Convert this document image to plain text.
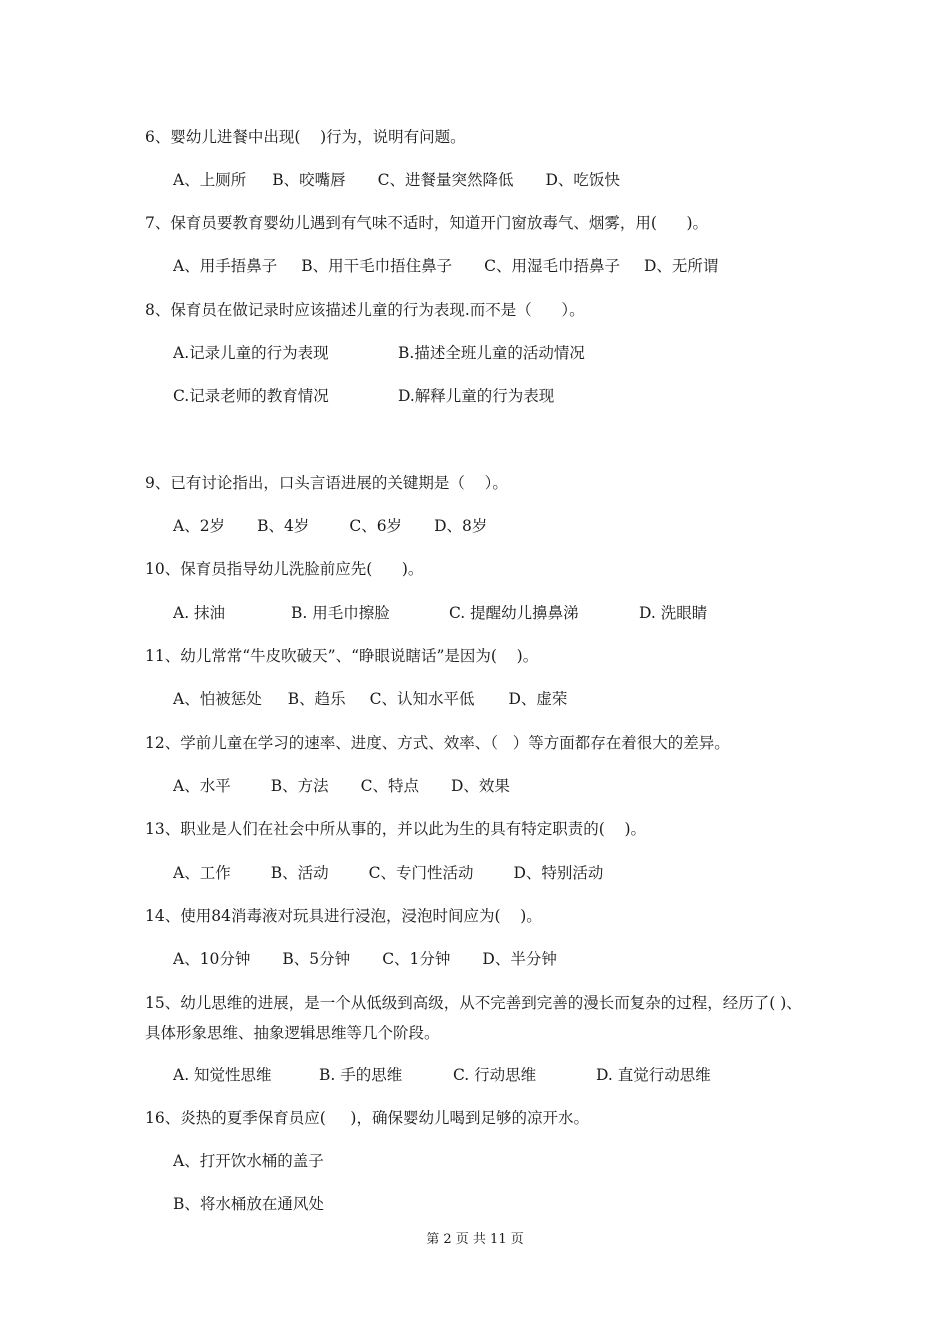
6、婴幼儿进餐中出现(    )行为，说明有问题。
A、上厕所 B、咬嘴唇 C、进餐量突然降低 D、吃饭快
7、保育员要教育婴幼儿遇到有气味不适时，知道开门窗放毒气、烟雾，用(      )。
A、用手捂鼻子 B、用干毛巾捂住鼻子 C、用湿毛巾捂鼻子 D、无所谓
8、保育员在做记录时应该描述儿童的行为表现.而不是（      ）。
A.记录儿童的行为表现	B.描述全班儿童的活动情况
C.记录老师的教育情况	D.解释儿童的行为表现
9、已有讨论指出，口头言语进展的关键期是（    ）。
A、2岁 B、4岁	C、6岁 D、8岁
10、保育员指导幼儿洗脸前应先(      )。
A. 抹油	B. 用毛巾擦脸	C. 提醒幼儿擤鼻涕	D. 洗眼睛
11、幼儿常常“牛皮吹破天”、“睁眼说瞎话”是因为(    )。
A、怕被惩处 B、趋乐 C、认知水平低 D、虚荣
12、学前儿童在学习的速率、进度、方式、效率、（   ）等方面都存在着很大的差异。
A、水平	B、方法 C、特点 D、效果
13、职业是人们在社会中所从事的，并以此为生的具有特定职责的(    )。
A、工作	B、活动	C、专门性活动	D、特别活动
14、使用84消毒液对玩具进行浸泡，浸泡时间应为(    )。
A、10分钟 B、5分钟 C、1分钟 D、半分钟
15、幼儿思维的进展，是一个从低级到高级，从不完善到完善的漫长而复杂的过程，经历了( )、具体形象思维、抽象逻辑思维等几个阶段。
A. 知觉性思维	B. 手的思维	C. 行动思维	D. 直觉行动思维
16、炎热的夏季保育员应(     )，确保婴幼儿喝到足够的凉开水。
A、打开饮水桶的盖子
B、将水桶放在通风处
第 2 页 共 11 页
